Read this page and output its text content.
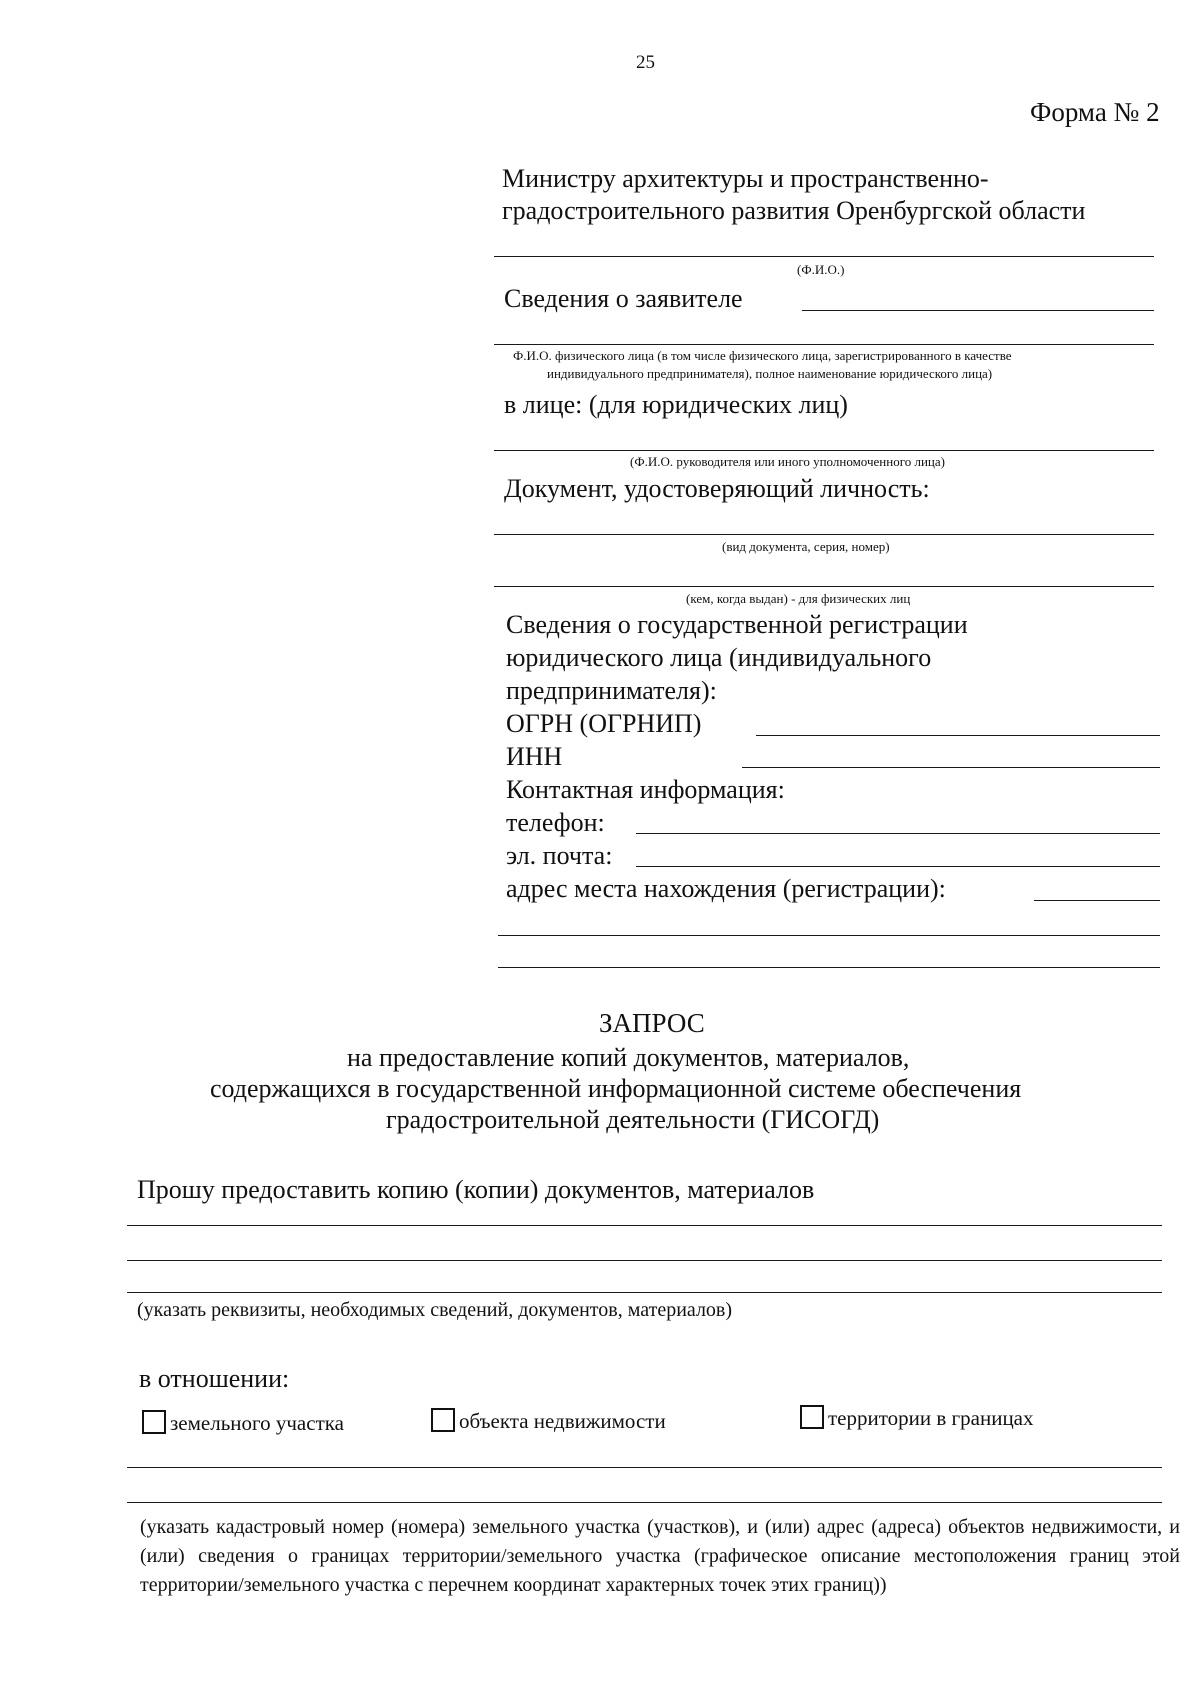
25
Форма № 2
Министру архитектуры и пространственно-
градостроительного развития Оренбургской области
(Ф.И.О.)
Сведения о заявителе
Ф.И.О. физического лица (в том числе физического лица, зарегистрированного в качестве
индивидуального предпринимателя), полное наименование юридического лица)
в лице: (для юридических лиц)
(Ф.И.О. руководителя или иного уполномоченного лица)
Документ, удостоверяющий личность:
(вид документа, серия, номер)
(кем, когда выдан) - для физических лиц
Сведения о государственной регистрации
юридического лица (индивидуального
предпринимателя):
ОГРН (ОГРНИП)
ИНН
Контактная информация:
телефон:
эл. почта:
адрес места нахождения (регистрации):
ЗАПРОС
на предоставление копий документов, материалов,
содержащихся в государственной информационной системе обеспечения
градостроительной деятельности (ГИСОГД)
Прошу предоставить копию (копии) документов, материалов
(указать реквизиты, необходимых сведений, документов, материалов)
в отношении:
земельного участка	объекта недвижимости	территории в границах
(указать кадастровый номер (номера) земельного участка (участков), и (или) адрес (адреса) объектов недвижимости, и (или) сведения о границах территории/земельного участка (графическое описание местоположения границ этой территории/земельного участка с перечнем координат характерных точек этих границ))
